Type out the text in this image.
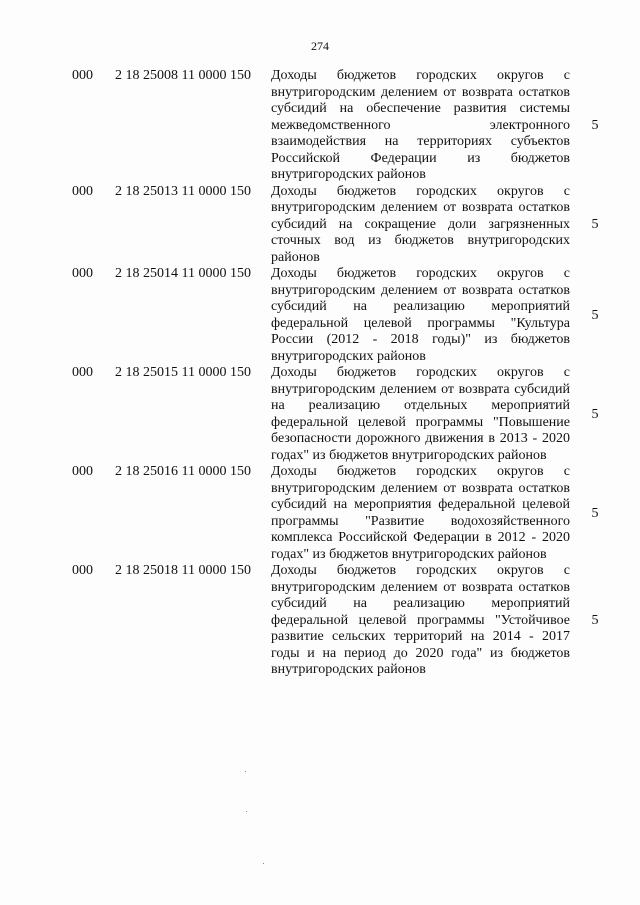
274
000 2 18 25008 11 0000 150 Доходы бюджетов городских округов с внутригородским делением от возврата остатков субсидий на обеспечение развития системы межведомственного электронного взаимодействия на территориях субъектов Российской Федерации из бюджетов внутригородских районов
5
000 2 18 25013 11 0000 150 Доходы бюджетов городских округов с внутригородским делением от возврата остатков субсидий на сокращение доли загрязненных сточных вод из бюджетов внутригородских районов
5
000 2 18 25014 11 0000 150 Доходы бюджетов городских округов с внутригородским делением от возврата остатков субсидий на реализацию мероприятий федеральной целевой программы "Культура России (2012 - 2018 годы)" из бюджетов внутригородских районов
5
000 2 18 25015 11 0000 150 Доходы бюджетов городских округов с внутригородским делением от возврата субсидий на реализацию отдельных мероприятий федеральной целевой программы "Повышение безопасности дорожного движения в 2013 - 2020 годах" из бюджетов внутригородских районов
5
000 2 18 25016 11 0000 150 Доходы бюджетов городских округов с внутригородским делением от возврата остатков субсидий на мероприятия федеральной целевой программы "Развитие водохозяйственного комплекса Российской Федерации в 2012 - 2020 годах" из бюджетов внутригородских районов
5
000 2 18 25018 11 0000 150 Доходы бюджетов городских округов с внутригородским делением от возврата остатков субсидий на реализацию мероприятий федеральной целевой программы "Устойчивое развитие сельских территорий на 2014 - 2017 годы и на период до 2020 года" из бюджетов внутригородских районов
5
